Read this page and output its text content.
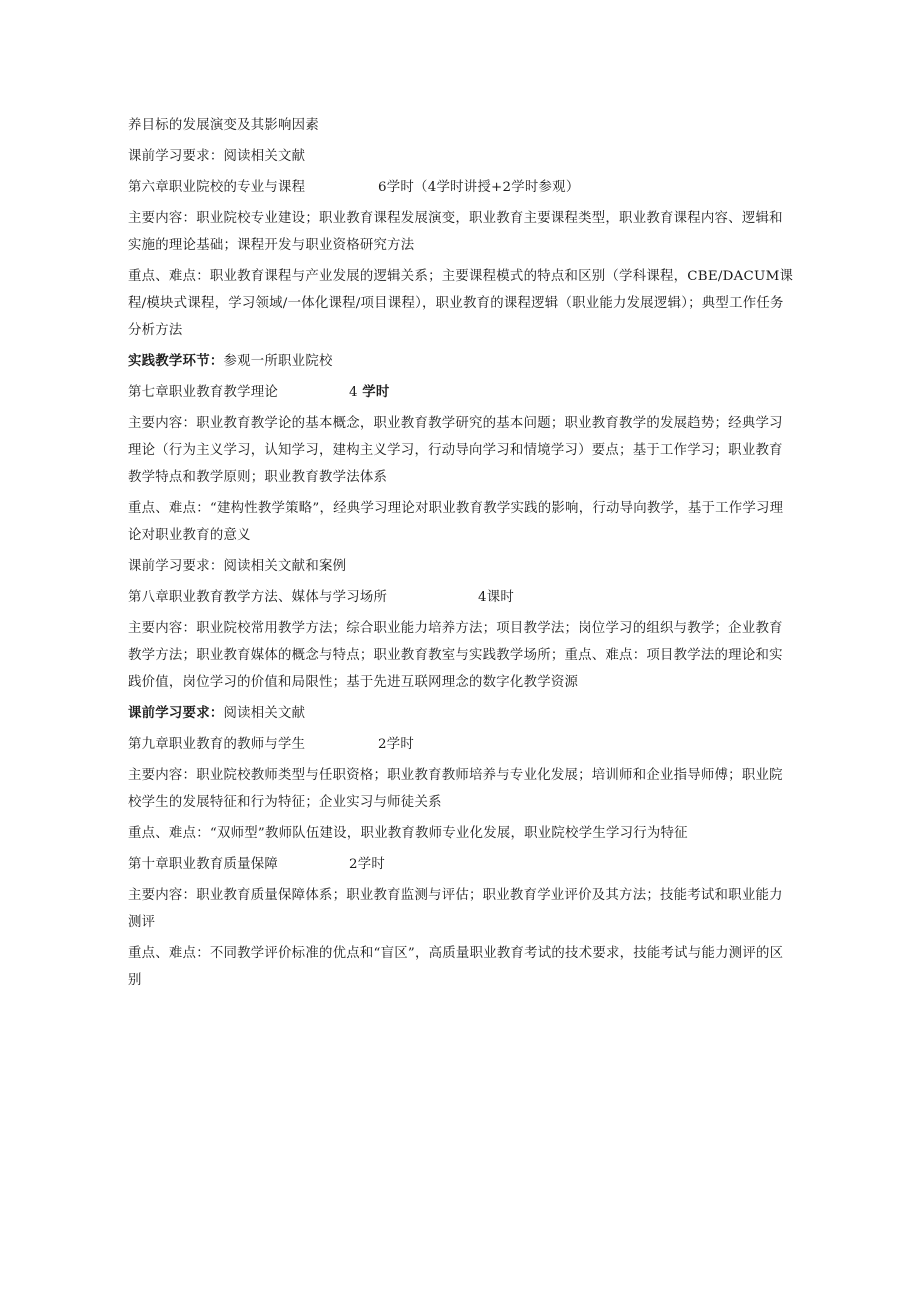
养目标的发展演变及其影响因素

课前学习要求：阅读相关文献

第六章职业院校的专业与课程	6学时（4学时讲授+2学时参观）

主要内容：职业院校专业建设；职业教育课程发展演变，职业教育主要课程类型，职业教育课程内容、逻辑和实施的理论基础；课程开发与职业资格研究方法

重点、难点：职业教育课程与产业发展的逻辑关系；主要课程模式的特点和区别（学科课程，CBE/DACUM课程/模块式课程，学习领域/一体化课程/项目课程），职业教育的课程逻辑（职业能力发展逻辑）；典型工作任务分析方法

实践教学环节：参观一所职业院校

第七章职业教育教学理论	4 学时

主要内容：职业教育教学论的基本概念，职业教育教学研究的基本问题；职业教育教学的发展趋势；经典学习理论（行为主义学习，认知学习，建构主义学习，行动导向学习和情境学习）要点；基于工作学习；职业教育教学特点和教学原则；职业教育教学法体系

重点、难点：“建构性教学策略”，经典学习理论对职业教育教学实践的影响，行动导向教学，基于工作学习理论对职业教育的意义

课前学习要求：阅读相关文献和案例

第八章职业教育教学方法、媒体与学习场所	4课时

主要内容：职业院校常用教学方法；综合职业能力培养方法；项目教学法；岗位学习的组织与教学；企业教育教学方法；职业教育媒体的概念与特点；职业教育教室与实践教学场所；重点、难点：项目教学法的理论和实践价值，岗位学习的价值和局限性；基于先进互联网理念的数字化教学资源

课前学习要求：阅读相关文献

第九章职业教育的教师与学生	2学时

主要内容：职业院校教师类型与任职资格；职业教育教师培养与专业化发展；培训师和企业指导师傅；职业院校学生的发展特征和行为特征；企业实习与师徒关系

重点、难点：“双师型”教师队伍建设，职业教育教师专业化发展，职业院校学生学习行为特征

第十章职业教育质量保障	2学时

主要内容：职业教育质量保障体系；职业教育监测与评估；职业教育学业评价及其方法；技能考试和职业能力测评

重点、难点：不同教学评价标准的优点和“盲区”，高质量职业教育考试的技术要求，技能考试与能力测评的区别
